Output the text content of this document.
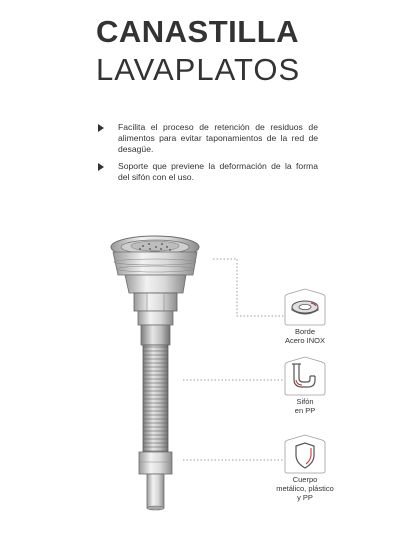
CANASTILLA
LAVAPLATOS
Facilita el proceso de retención de residuos de alimentos para evitar taponamientos de la red de desagüe.
Soporte que previene la deformación de la forma del sifón con el uso.
Borde
Acero INOX
Sifón
en PP
Cuerpo
metálico, plástico
y PP
